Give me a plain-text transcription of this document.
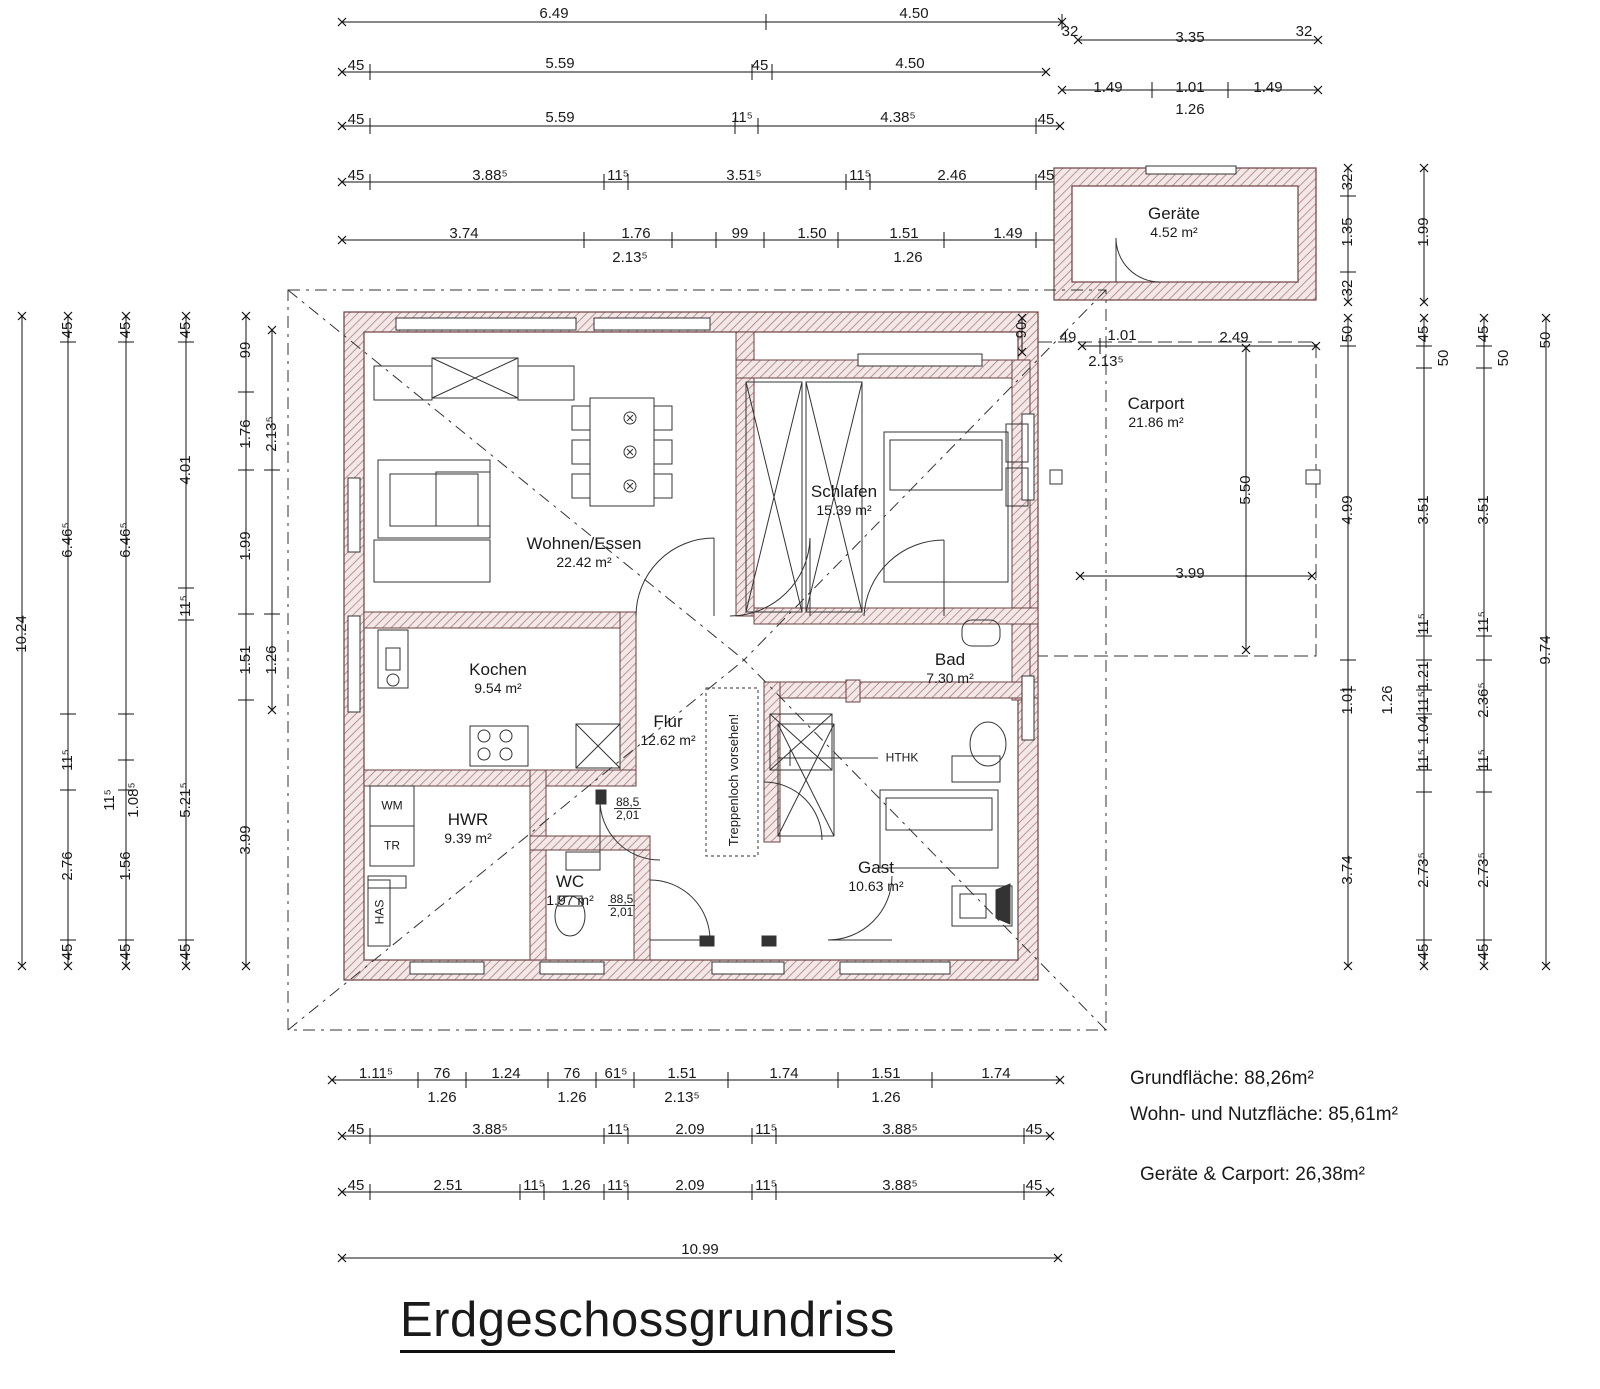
6.49	4.50
32	3.35	32
45	5.59	45	4.50
1.49	1.01	1.49
1.26
45	5.59	11⁵	4.38⁵	45
45	3.88⁵	11⁵	3.51⁵	11⁵	2.46	45
3.74	1.76	99	1.50	1.51	1.49
2.13⁵	1.26
32
1.35
32
1.99
50	45
50
45
50
50
4.99	3.51	3.51
9.74
1.01 1.26
11⁵
1.21
11⁵
11⁵
2.36⁵
11⁵
1.04
11⁵
3.74	2.73⁵	2.73⁵
45	45
45	45	45
99
1.76 2.13⁵
4.01
6.46⁵	6.46⁵	1.99
10.24
11⁵
1.51 1.26
11⁵
11⁵ 1.08⁵ 5.21⁵
3.99
2.76	1.56
45	45	45
90 49 1.01	2.49
2.13⁵
5.50
3.99
1.11⁵	76	1.24	76 61⁵	1.51	1.74	1.51	1.74
1.26	1.26	2.13⁵	1.26
45	3.88⁵	11⁵	2.09	11⁵	3.88⁵	45
45	2.51	11⁵ 1.26 11⁵	2.09	11⁵	3.88⁵	45
10.99
Geräte
4.52 m²
Carport
21.86 m²
Wohnen/Essen
22.42 m²
Schlafen
15.39 m²
Kochen
9.54 m²
Bad
7.30 m²
Flur
12.62 m²
HWR
9.39 m²
WC
1.97 m²
Gast
10.63 m²
Treppenloch vorsehen!	HTHK
HAS
WM
TR
$\frac{88,5}{2,01}$
$\frac{88,5}{2,01}$
Grundfläche: 88,26m²
Wohn- und Nutzfläche: 85,61m²
Geräte & Carport: 26,38m²
Erdgeschossgrundriss
